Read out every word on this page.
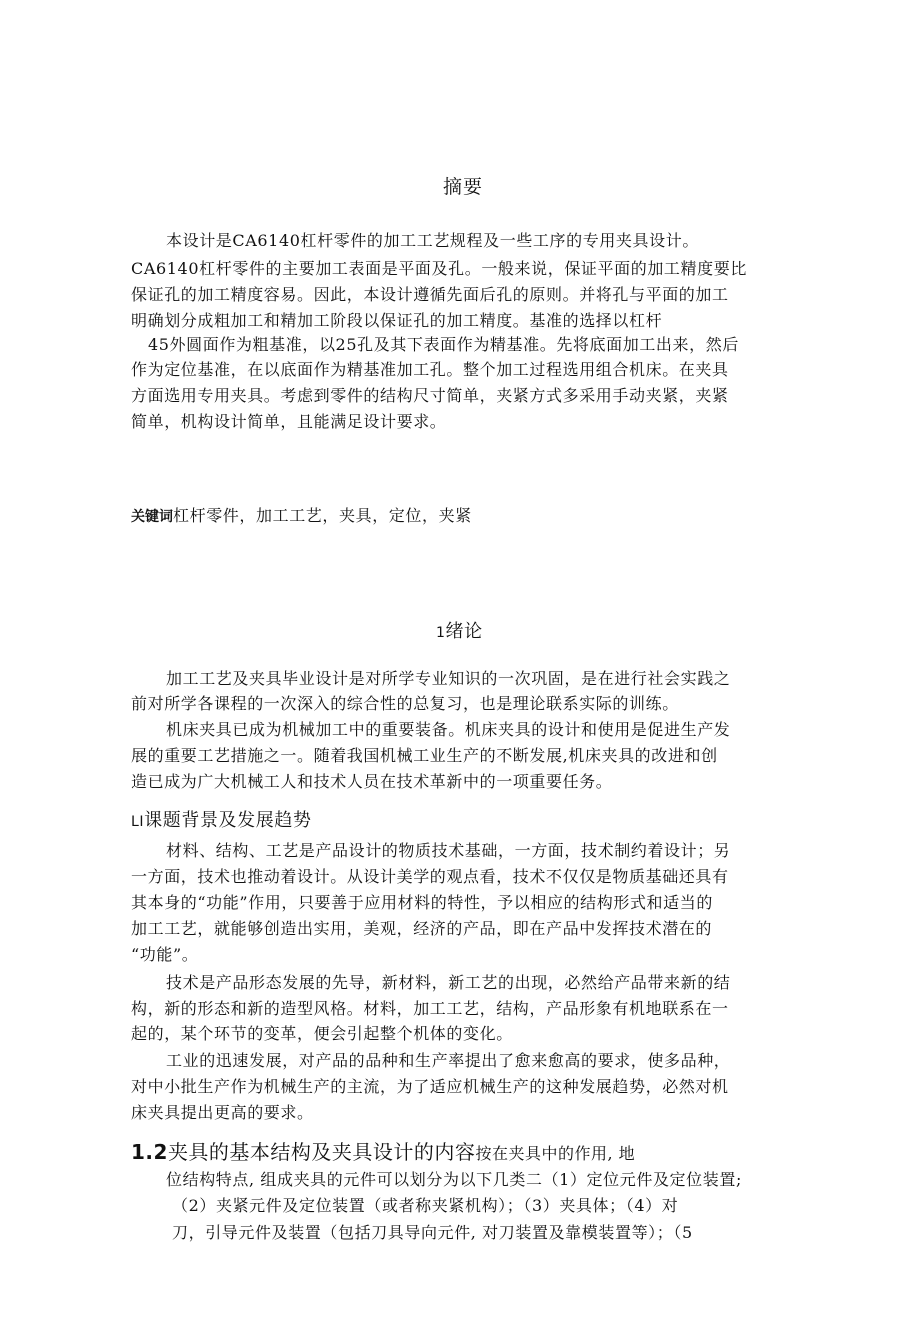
摘要
本设计是CA6140杠杆零件的加工工艺规程及一些工序的专用夹具设计。
CA6140杠杆零件的主要加工表面是平面及孔。一般来说，保证平面的加工精度要比
保证孔的加工精度容易。因此，本设计遵循先面后孔的原则。并将孔与平面的加工
明确划分成粗加工和精加工阶段以保证孔的加工精度。基准的选择以杠杆
45外圆面作为粗基准，以25孔及其下表面作为精基准。先将底面加工出来，然后
作为定位基准，在以底面作为精基准加工孔。整个加工过程选用组合机床。在夹具
方面选用专用夹具。考虑到零件的结构尺寸简单，夹紧方式多采用手动夹紧，夹紧
简单，机构设计简单，且能满足设计要求。
关键词杠杆零件，加工工艺，夹具，定位，夹紧
1绪论
加工工艺及夹具毕业设计是对所学专业知识的一次巩固，是在进行社会实践之
前对所学各课程的一次深入的综合性的总复习，也是理论联系实际的训练。
机床夹具已成为机械加工中的重要装备。机床夹具的设计和使用是促进生产发
展的重要工艺措施之一。随着我国机械工业生产的不断发展,机床夹具的改进和创
造已成为广大机械工人和技术人员在技术革新中的一项重要任务。
LI课题背景及发展趋势
材料、结构、工艺是产品设计的物质技术基础，一方面，技术制约着设计；另
一方面，技术也推动着设计。从设计美学的观点看，技术不仅仅是物质基础还具有
其本身的“功能”作用，只要善于应用材料的特性，予以相应的结构形式和适当的
加工工艺，就能够创造出实用，美观，经济的产品，即在产品中发挥技术潜在的
“功能”。
技术是产品形态发展的先导，新材料，新工艺的出现，必然给产品带来新的结
构，新的形态和新的造型风格。材料，加工工艺，结构，产品形象有机地联系在一
起的，某个环节的变革，便会引起整个机体的变化。
工业的迅速发展，对产品的品种和生产率提出了愈来愈高的要求，使多品种，
对中小批生产作为机械生产的主流，为了适应机械生产的这种发展趋势，必然对机
床夹具提出更高的要求。
1.2夹具的基本结构及夹具设计的内容按在夹具中的作用, 地
位结构特点, 组成夹具的元件可以划分为以下几类二（1）定位元件及定位装置;
（2）夹紧元件及定位装置（或者称夹紧机构）；（3）夹具体；（4）对
刀，引导元件及装置（包括刀具导向元件, 对刀装置及靠模装置等）；（5
